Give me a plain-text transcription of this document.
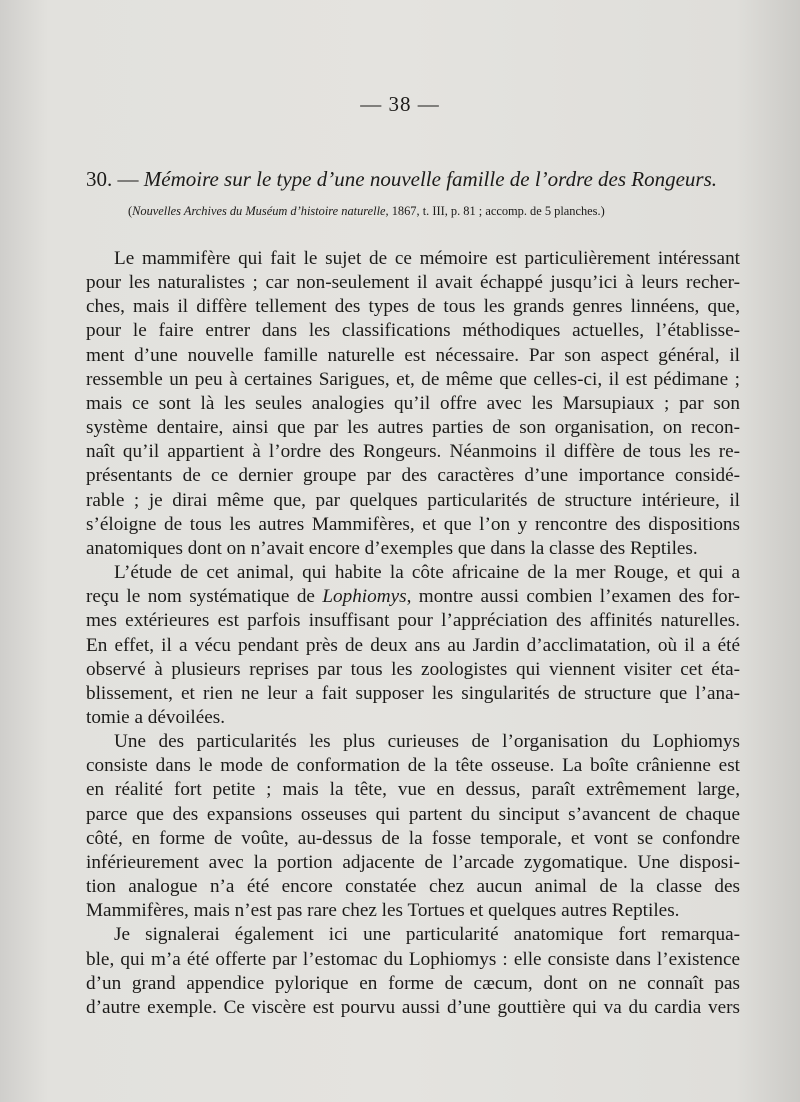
— 38 —
30. — Mémoire sur le type d’une nouvelle famille de l’ordre des Rongeurs.
(Nouvelles Archives du Muséum d’histoire naturelle, 1867, t. III, p. 81 ; accomp. de 5 planches.)
Le mammifère qui fait le sujet de ce mémoire est particulièrement intéressant
pour les naturalistes ; car non-seulement il avait échappé jusqu’ici à leurs recher-
ches, mais il diffère tellement des types de tous les grands genres linnéens, que,
pour le faire entrer dans les classifications méthodiques actuelles, l’établisse-
ment d’une nouvelle famille naturelle est nécessaire. Par son aspect général, il
ressemble un peu à certaines Sarigues, et, de même que celles-ci, il est pédimane ;
mais ce sont là les seules analogies qu’il offre avec les Marsupiaux ; par son
système dentaire, ainsi que par les autres parties de son organisation, on recon-
naît qu’il appartient à l’ordre des Rongeurs. Néanmoins il diffère de tous les re-
présentants de ce dernier groupe par des caractères d’une importance considé-
rable ; je dirai même que, par quelques particularités de structure intérieure, il
s’éloigne de tous les autres Mammifères, et que l’on y rencontre des dispositions
anatomiques dont on n’avait encore d’exemples que dans la classe des Reptiles.
L’étude de cet animal, qui habite la côte africaine de la mer Rouge, et qui a
reçu le nom systématique de Lophiomys, montre aussi combien l’examen des for-
mes extérieures est parfois insuffisant pour l’appréciation des affinités naturelles.
En effet, il a vécu pendant près de deux ans au Jardin d’acclimatation, où il a été
observé à plusieurs reprises par tous les zoologistes qui viennent visiter cet éta-
blissement, et rien ne leur a fait supposer les singularités de structure que l’ana-
tomie a dévoilées.
Une des particularités les plus curieuses de l’organisation du Lophiomys
consiste dans le mode de conformation de la tête osseuse. La boîte crânienne est
en réalité fort petite ; mais la tête, vue en dessus, paraît extrêmement large,
parce que des expansions osseuses qui partent du sinciput s’avancent de chaque
côté, en forme de voûte, au-dessus de la fosse temporale, et vont se confondre
inférieurement avec la portion adjacente de l’arcade zygomatique. Une disposi-
tion analogue n’a été encore constatée chez aucun animal de la classe des
Mammifères, mais n’est pas rare chez les Tortues et quelques autres Reptiles.
Je signalerai également ici une particularité anatomique fort remarqua-
ble, qui m’a été offerte par l’estomac du Lophiomys : elle consiste dans l’existence
d’un grand appendice pylorique en forme de cæcum, dont on ne connaît pas
d’autre exemple. Ce viscère est pourvu aussi d’une gouttière qui va du cardia vers
